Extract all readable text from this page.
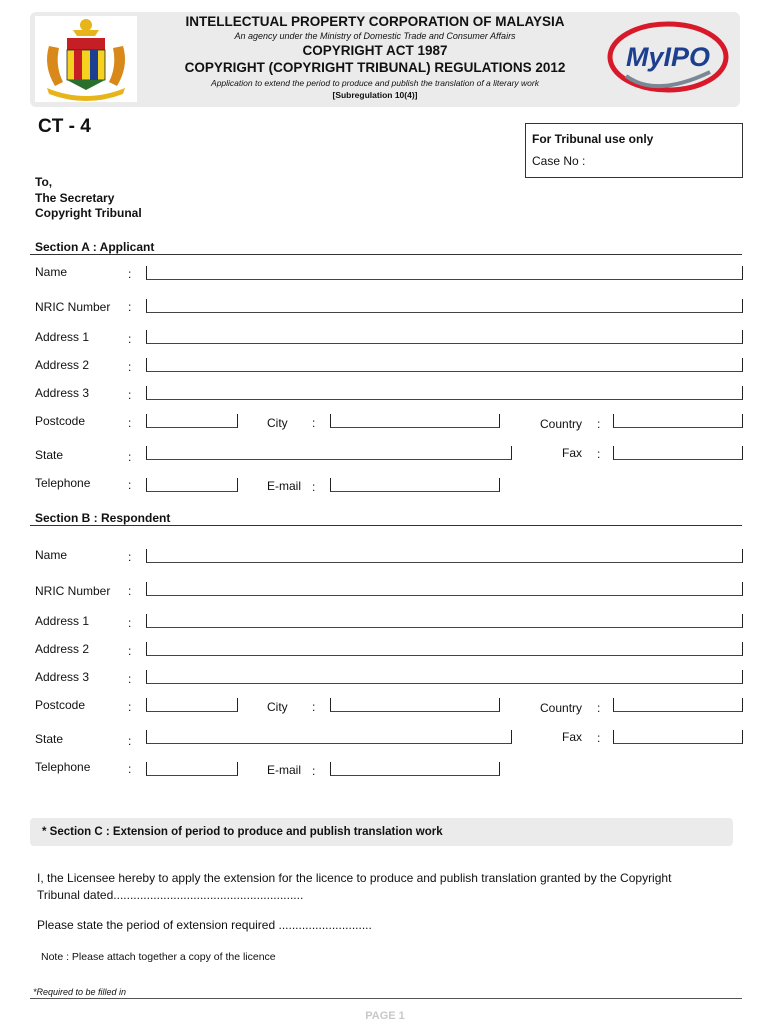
INTELLECTUAL PROPERTY CORPORATION OF MALAYSIA
An agency under the Ministry of Domestic Trade and Consumer Affairs
COPYRIGHT ACT 1987
COPYRIGHT (COPYRIGHT TRIBUNAL) REGULATIONS 2012
Application to extend the period to produce and publish the translation of a literary work
[Subregulation 10(4)]
MyIPO
CT - 4
For Tribunal use only
Case No :
To,
The Secretary
Copyright Tribunal
Section A : Applicant
Name	:
NRIC Number :
Address 1	:
Address 2	:
Address 3	:
Postcode	:	City :	Country :
State	:	Fax :
Telephone	:	E-mail :
Section B : Respondent
Name	:
NRIC Number :
Address 1	:
Address 2	:
Address 3	:
Postcode	:	City :	Country :
State	:	Fax :
Telephone	:	E-mail :
* Section C : Extension of period to produce and publish translation work
I, the Licensee hereby to apply the extension for the licence to produce and publish translation granted by the Copyright
Tribunal dated.........................................................
Please state the period of extension required ............................
Note : Please attach together a copy of the licence
*Required to be filled in
PAGE 1
